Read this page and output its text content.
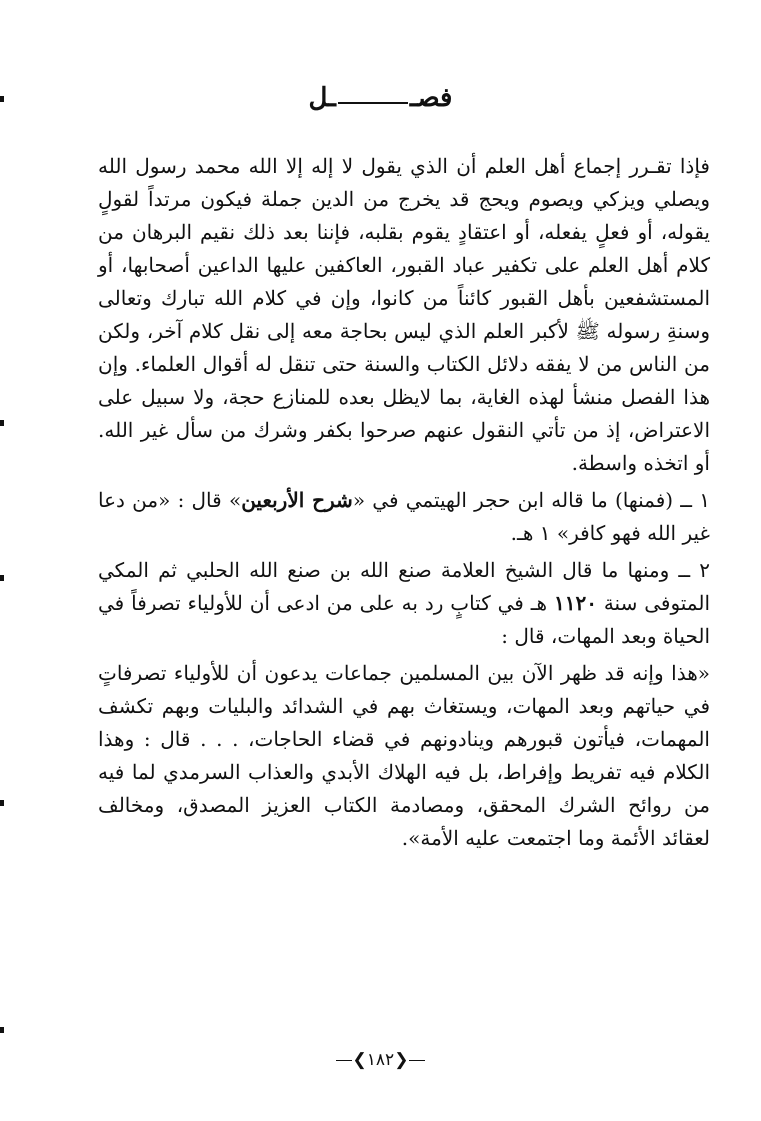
فصــل

فإذا تقـرر إجماع أهل العلم أن الذي يقول لا إله إلا الله محمد رسول الله ويصلي ويزكي ويصوم ويحج قد يخرج من الدين جملة فيكون مرتداً لقولٍ يقوله، أو فعلٍ يفعله، أو اعتقادٍ يقوم بقلبه، فإننا بعد ذلك نقيم البرهان من كلام أهل العلم على تكفير عباد القبور، العاكفين عليها الداعين أصحابها، أو المستشفعين بأهل القبور كائناً من كانوا، وإن في كلام الله تبارك وتعالى وسنةِ رسوله ﷺ لأكبر العلم الذي ليس بحاجة معه إلى نقل كلام آخر، ولكن من الناس من لا يفقه دلائل الكتاب والسنة حتى تنقل له أقوال العلماء. وإن هذا الفصل منشأ لهذه الغاية، بما لايظل بعده للمنازع حجة، ولا سبيل على الاعتراض، إذ من تأتي النقول عنهم صرحوا بكفر وشرك من سأل غير الله. أو اتخذه واسطة.

١ ــ (فمنها) ما قاله ابن حجر الهيتمي في «شرح الأربعين» قال : «من دعا غير الله فهو كافر» ١ هـ.

٢ ــ ومنها ما قال الشيخ العلامة صنع الله بن صنع الله الحلبي ثم المكي المتوفى سنة ١١٢٠ هـ في كتابٍ رد به على من ادعى أن للأولياء تصرفاً في الحياة وبعد المهات، قال :

«هذا وإنه قد ظهر الآن بين المسلمين جماعات يدعون أن للأولياء تصرفاتٍ في حياتهم وبعد المهات، ويستغاث بهم في الشدائد والبليات وبهم تكشف المهمات، فيأتون قبورهم وينادونهم في قضاء الحاجات، . . . قال : وهذا الكلام فيه تفريط وإفراط، بل فيه الهلاك الأبدي والعذاب السرمدي لما فيه من روائح الشرك المحقق، ومصادمة الكتاب العزيز المصدق، ومخالف لعقائد الأئمة وما اجتمعت عليه الأمة».

❮١٨٢❯
